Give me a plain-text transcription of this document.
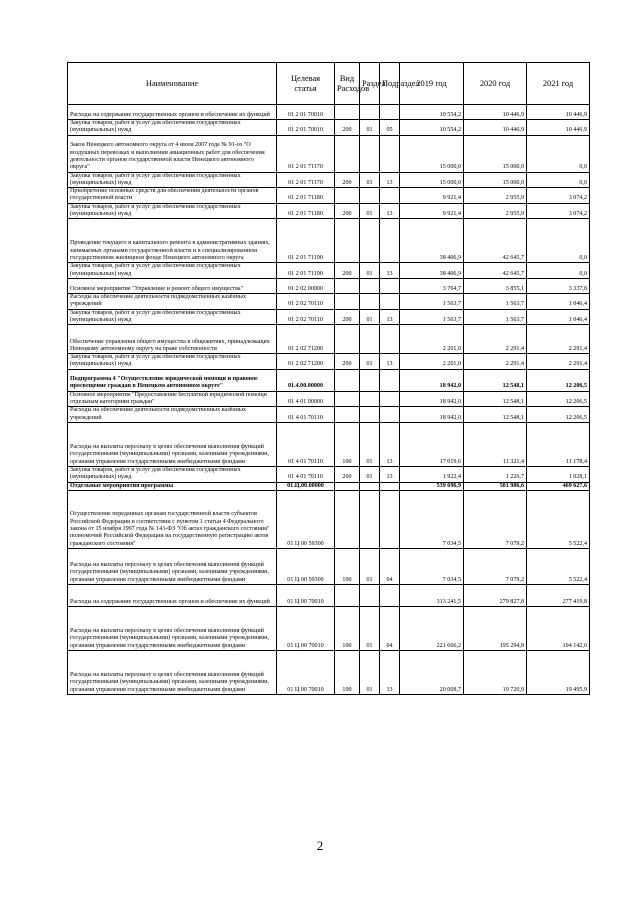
Наименование	Целевая статья	Вид Расходов	Раздел	Подраздел	2019 год	2020 год	2021 год
Расходы на содержание государственных органов и обеспечение их функций	01 2 01 70010				10 554,2	10 446,9	10 446,9
Закупка товаров, работ и услуг для обеспечения государственных (муниципальных) нужд	01 2 01 70010	200	01	05	10 554,2	10 446,9	10 446,9
Закон Ненецкого автономного округа от 4 июля 2007 года № 91-оз "О воздушных перевозках и выполнении авиационных работ для обеспечения деятельности органов государственной власти Ненецкого автономного округа"	01 2 01 71170				15 000,0	15 000,0	0,0
Закупка товаров, работ и услуг для обеспечения государственных (муниципальных) нужд	01 2 01 71170	200	01	13	15 000,0	15 000,0	0,0
Приобретение основных средств для обеспечения деятельности органов государственной власти	01 2 01 71180				9 921,4	2 955,9	3 074,2
Закупка товаров, работ и услуг для обеспечения государственных (муниципальных) нужд	01 2 01 71180	200	01	13	9 921,4	2 955,9	3 074,2
Проведение текущего и капитального ремонта в административных зданиях, занимаемых органами государственной власти и в специализированном государственном жилищном фонде Ненецкого автономного округа	01 2 01 71190				38 406,9	42 645,7	0,0
Закупка товаров, работ и услуг для обеспечения государственных (муниципальных) нужд	01 2 01 71190	200	01	13	38 406,9	42 645,7	0,0
Основное мероприятие "Управление и ремонт общего имущества"	01 2 02 00000				3 764,7	3 855,1	3 337,8
Расходы на обеспечение деятельности подведомственных казённых учреждений	01 2 02 70110				1 563,7	1 563,7	1 046,4
Закупка товаров, работ и услуг для обеспечения государственных (муниципальных) нужд	01 2 02 70110	200	01	13	1 563,7	1 563,7	1 046,4
Обеспечение управления общего имущества в общежитиях, принадлежащих Ненецкому автономному округу на праве собственности	01 2 02 71200				2 201,0	2 291,4	2 291,4
Закупка товаров, работ и услуг для обеспечения государственных (муниципальных) нужд	01 2 02 71200	200	01	13	2 201,0	2 291,4	2 291,4
Подпрограмма 4 "Осуществление юридической помощи и правовое просвещение граждан в Ненецком автономном округе"	01.4.00.00000				18 942,0	12 548,1	12 206,5
Основное мероприятие "Предоставление бесплатной юридической помощи отдельным категориям граждан"	01 4 01 00000				18 942,0	12 548,1	12 206,5
Расходы на обеспечение деятельности подведомственных казённых учреждений	01 4 01 70110				18 942,0	12 548,1	12 206,5
Расходы на выплаты персоналу в целях обеспечения выполнения функций государственными (муниципальными) органами, казенными учреждениями, органами управления государственными внебюджетными фондами	01 4 01 70110	100	01	13	17 019,6	11 321,4	11 178,4
Закупка товаров, работ и услуг для обеспечения государственных (муниципальных) нужд	01 4 01 70110	200	01	13	1 922,4	1 226,7	1 028,1
Отдельные мероприятия программы	01.Ц.00.00000				539 696,9	501 986,6	469 627,6
Осуществление переданных органам государственной власти субъектов Российской Федерации в соответствии с пунктом 1 статьи 4 Федерального закона от 15 ноября 1997 года № 143-ФЗ "Об актах гражданского состояния" полномочий Российской Федерации на государственную регистрацию актов гражданского состояния"	01 Ц 00 59300				7 034,5	7 079,2	5 522,4
Расходы на выплаты персоналу в целях обеспечения выполнения функций государственными (муниципальными) органами, казенными учреждениями, органами управления государственными внебюджетными фондами	01 Ц 00 59300	100	01	04	7 034,5	7 079,2	5 522,4
Расходы на содержание государственных органов и обеспечение их функций	01 Ц 00 70010				313 241,5	279 827,8	277 419,8
Расходы на выплаты персоналу в целях обеспечения выполнения функций государственными (муниципальными) органами, казенными учреждениями, органами управления государственными внебюджетными фондами	01 Ц 00 70010	100	01	04	221 666,2	195 294,8	194 142,0
Расходы на выплаты персоналу в целях обеспечения выполнения функций государственными (муниципальными) органами, казенными учреждениями, органами управления государственными внебюджетными фондами	01 Ц 00 70010	100	01	13	20 008,7	19 720,9	19 495,9
2
